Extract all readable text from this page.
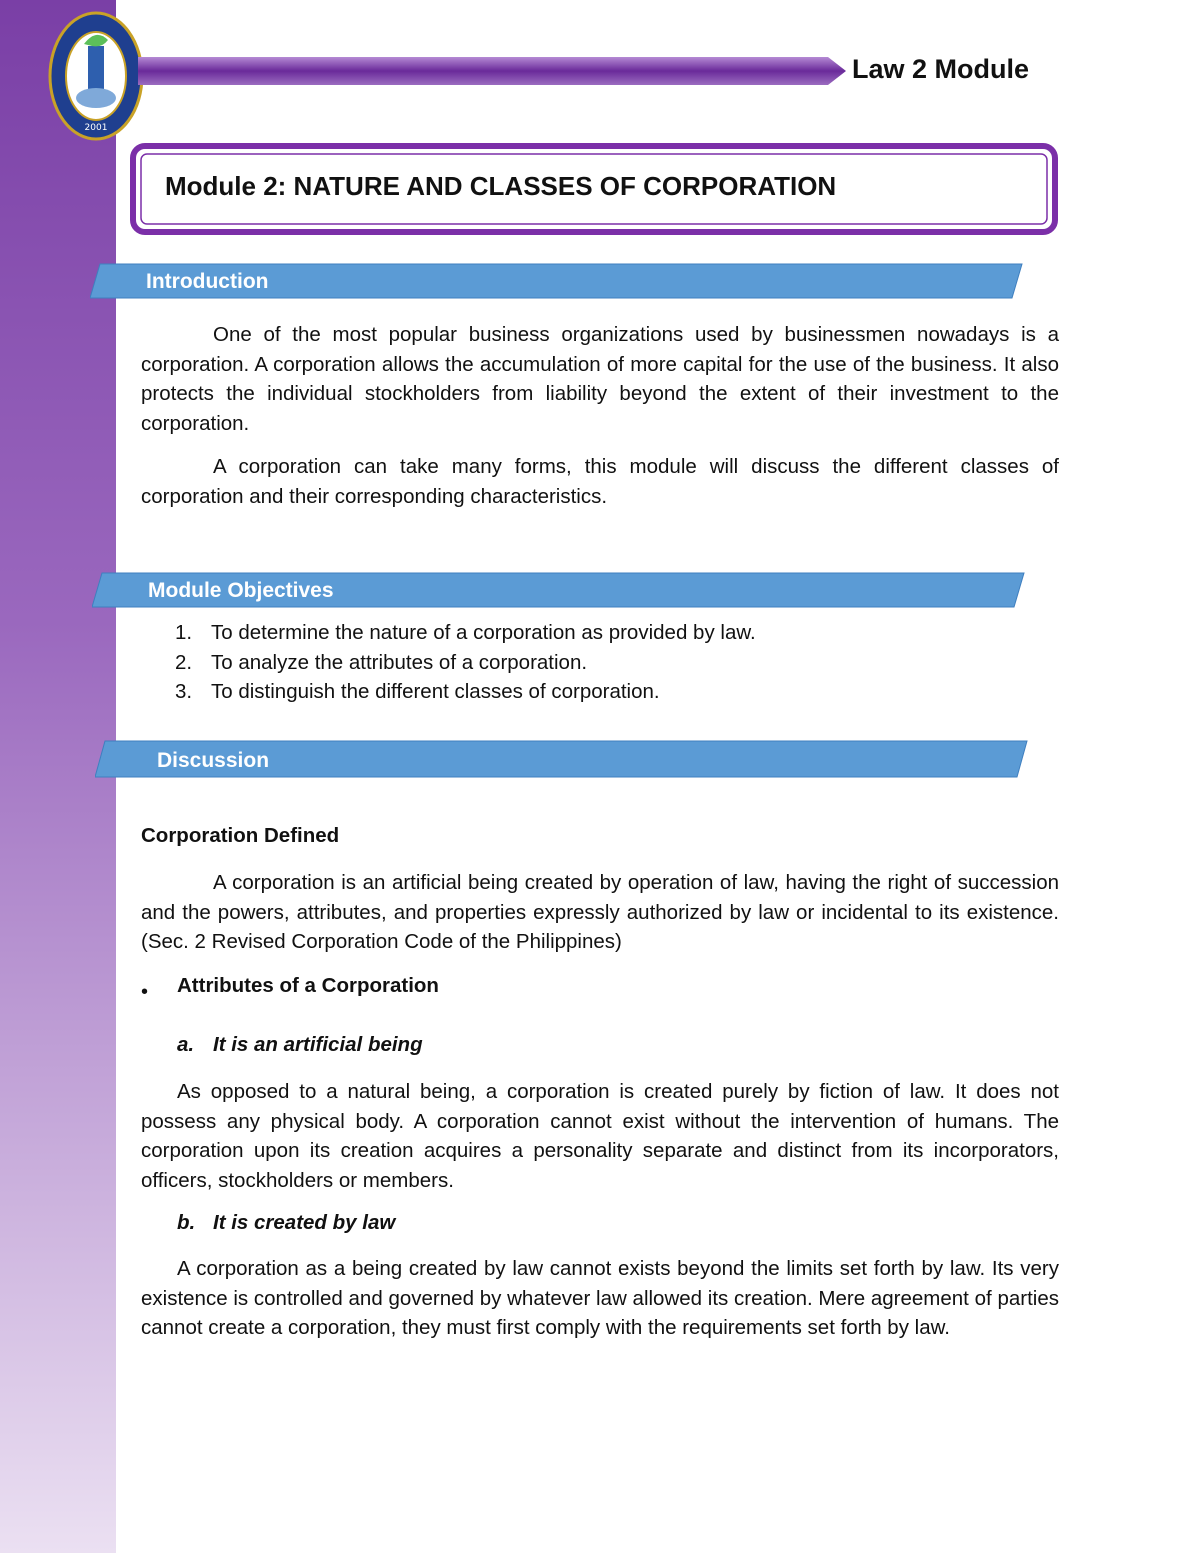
2001
Law 2 Module
Module 2: NATURE AND CLASSES OF CORPORATION
Introduction

One of the most popular business organizations used by businessmen nowadays is a corporation. A corporation allows the accumulation of more capital for the use of the business. It also protects the individual stockholders from liability beyond the extent of their investment to the corporation.

A corporation can take many forms, this module will discuss the different classes of corporation and their corresponding characteristics.

Module Objectives
1. To determine the nature of a corporation as provided by law.
2. To analyze the attributes of a corporation.
3. To distinguish the different classes of corporation.
Discussion
Corporation Defined

A corporation is an artificial being created by operation of law, having the right of succession and the powers, attributes, and properties expressly authorized by law or incidental to its existence. (Sec. 2 Revised Corporation Code of the Philippines)

• Attributes of a Corporation
a. It is an artificial being

As opposed to a natural being, a corporation is created purely by fiction of law. It does not possess any physical body. A corporation cannot exist without the intervention of humans. The corporation upon its creation acquires a personality separate and distinct from its incorporators, officers, stockholders or members.

b. It is created by law

A corporation as a being created by law cannot exists beyond the limits set forth by law. Its very existence is controlled and governed by whatever law allowed its creation. Mere agreement of parties cannot create a corporation, they must first comply with the requirements set forth by law.
